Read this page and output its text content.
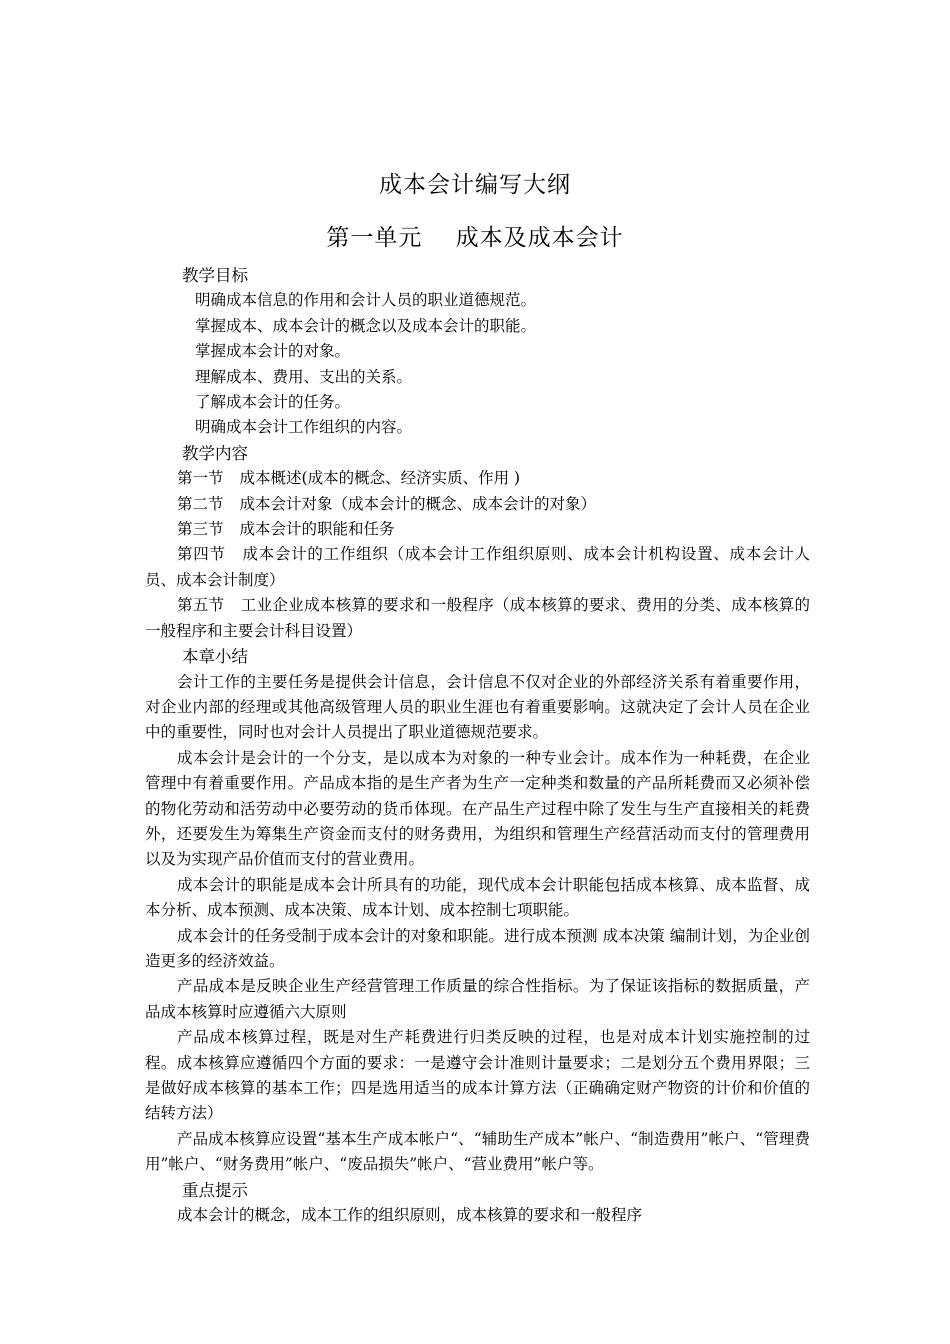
成本会计编写大纲
第一单元    成本及成本会计
教学目标
明确成本信息的作用和会计人员的职业道德规范。
掌握成本、成本会计的概念以及成本会计的职能。
掌握成本会计的对象。
理解成本、费用、支出的关系。
了解成本会计的任务。
明确成本会计工作组织的内容。
教学内容
第一节 成本概述(成本的概念、经济实质、作用 )
第二节 成本会计对象（成本会计的概念、成本会计的对象）
第三节 成本会计的职能和任务
第四节 成本会计的工作组织（成本会计工作组织原则、成本会计机构设置、成本会计人员、成本会计制度）
第五节 工业企业成本核算的要求和一般程序（成本核算的要求、费用的分类、成本核算的一般程序和主要会计科目设置）
本章小结

会计工作的主要任务是提供会计信息，会计信息不仅对企业的外部经济关系有着重要作用，对企业内部的经理或其他高级管理人员的职业生涯也有着重要影响。这就决定了会计人员在企业中的重要性，同时也对会计人员提出了职业道德规范要求。

成本会计是会计的一个分支，是以成本为对象的一种专业会计。成本作为一种耗费，在企业管理中有着重要作用。产品成本指的是生产者为生产一定种类和数量的产品所耗费而又必须补偿的物化劳动和活劳动中必要劳动的货币体现。在产品生产过程中除了发生与生产直接相关的耗费外，还要发生为筹集生产资金而支付的财务费用，为组织和管理生产经营活动而支付的管理费用以及为实现产品价值而支付的营业费用。

成本会计的职能是成本会计所具有的功能，现代成本会计职能包括成本核算、成本监督、成本分析、成本预测、成本决策、成本计划、成本控制七项职能。

成本会计的任务受制于成本会计的对象和职能。进行成本预测 成本决策 编制计划，为企业创造更多的经济效益。

产品成本是反映企业生产经营管理工作质量的综合性指标。为了保证该指标的数据质量，产品成本核算时应遵循六大原则

产品成本核算过程，既是对生产耗费进行归类反映的过程，也是对成本计划实施控制的过程。成本核算应遵循四个方面的要求：一是遵守会计准则计量要求；二是划分五个费用界限；三是做好成本核算的基本工作；四是选用适当的成本计算方法（正确确定财产物资的计价和价值的结转方法）

产品成本核算应设置“基本生产成本帐户“、“辅助生产成本”帐户、“制造费用”帐户、“管理费用”帐户、“财务费用”帐户、“废品损失”帐户、“营业费用”帐户等。

重点提示

成本会计的概念，成本工作的组织原则，成本核算的要求和一般程序
